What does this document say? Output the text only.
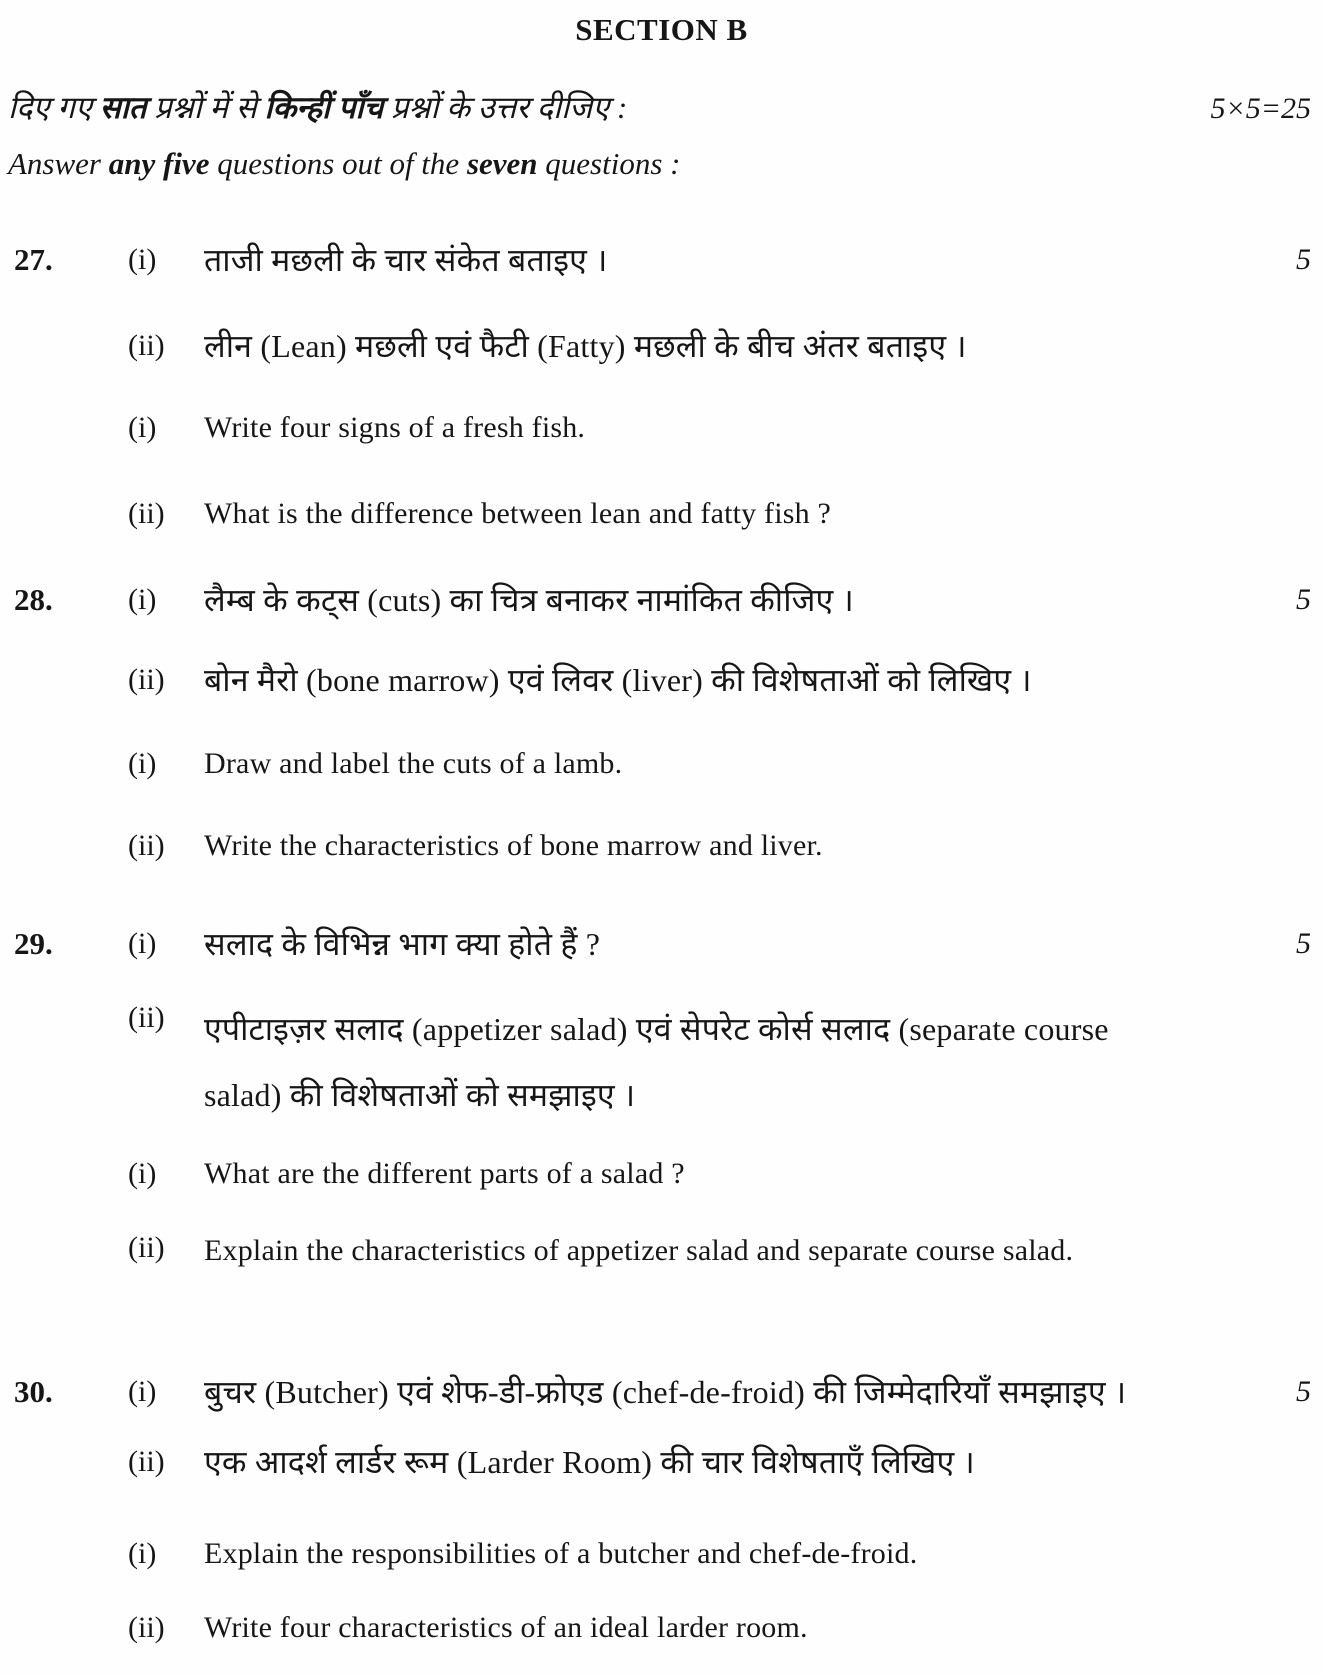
SECTION B
दिए गए सात प्रश्नों में से किन्हीं पाँच प्रश्नों के उत्तर दीजिए :	5×5=25
Answer any five questions out of the seven questions :
27.	(i)	ताजी मछली के चार संकेत बताइए ।	5
(ii)	लीन (Lean) मछली एवं फैटी (Fatty) मछली के बीच अंतर बताइए ।
(i)	Write four signs of a fresh fish.
(ii)	What is the difference between lean and fatty fish ?
28.	(i)	लैम्ब के कट्स (cuts) का चित्र बनाकर नामांकित कीजिए ।	5
(ii)	बोन मैरो (bone marrow) एवं लिवर (liver) की विशेषताओं को लिखिए ।
(i)	Draw and label the cuts of a lamb.
(ii)	Write the characteristics of bone marrow and liver.
29.	(i)	सलाद के विभिन्न भाग क्या होते हैं ?	5
(ii)	एपीटाइज़र सलाद (appetizer salad) एवं सेपरेट कोर्स सलाद (separate course salad) की विशेषताओं को समझाइए ।
(i)	What are the different parts of a salad ?
(ii)	Explain the characteristics of appetizer salad and separate course salad.
30.	(i)	बुचर (Butcher) एवं शेफ-डी-फ्रोएड (chef-de-froid) की जिम्मेदारियाँ समझाइए ।	5
(ii)	एक आदर्श लार्डर रूम (Larder Room) की चार विशेषताएँ लिखिए ।
(i)	Explain the responsibilities of a butcher and chef-de-froid.
(ii)	Write four characteristics of an ideal larder room.
